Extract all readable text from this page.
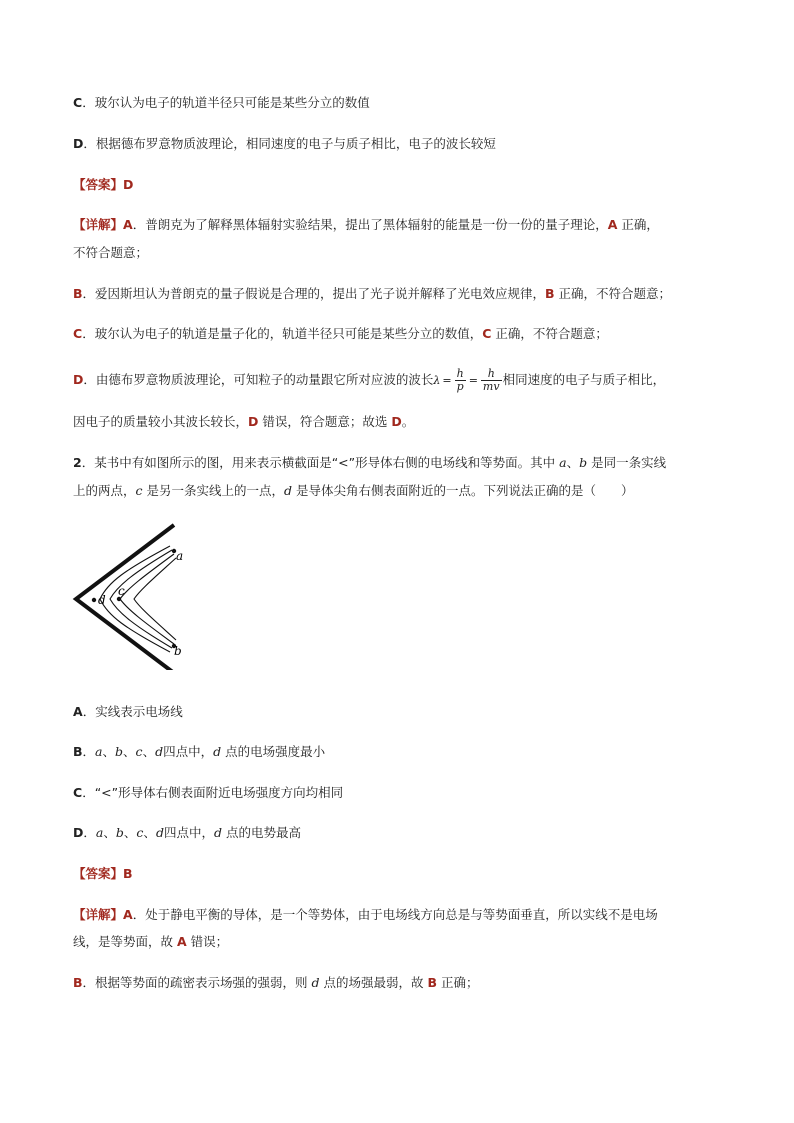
C．玻尔认为电子的轨道半径只可能是某些分立的数值
D．根据德布罗意物质波理论，相同速度的电子与质子相比，电子的波长较短
【答案】D
【详解】A．普朗克为了解释黑体辐射实验结果，提出了黑体辐射的能量是一份一份的量子理论，A 正确，
不符合题意；
B．爱因斯坦认为普朗克的量子假说是合理的，提出了光子说并解释了光电效应规律，B 正确，不符合题意；
C．玻尔认为电子的轨道是量子化的，轨道半径只可能是某些分立的数值，C 正确，不符合题意；
D．由德布罗意物质波理论，可知粒子的动量跟它所对应波的波长$\lambda = \frac{h}{p} = \frac{h}{mv}$ 相同速度的电子与质子相比，
因电子的质量较小其波长较长，D 错误，符合题意；故选 D。
2．某书中有如图所示的图，用来表示横截面是“<”形导体右侧的电场线和等势面。其中 a、b 是同一条实线
上的两点，c 是另一条实线上的一点，d 是导体尖角右侧表面附近的一点。下列说法正确的是（　　）
a
b
c
d
A．实线表示电场线
B．a、b、c、d四点中，d 点的电场强度最小
C．“<”形导体右侧表面附近电场强度方向均相同
D．a、b、c、d四点中，d 点的电势最高
【答案】B
【详解】A．处于静电平衡的导体，是一个等势体，由于电场线方向总是与等势面垂直，所以实线不是电场
线，是等势面，故 A 错误；
B．根据等势面的疏密表示场强的强弱，则 d 点的场强最弱，故 B 正确；
